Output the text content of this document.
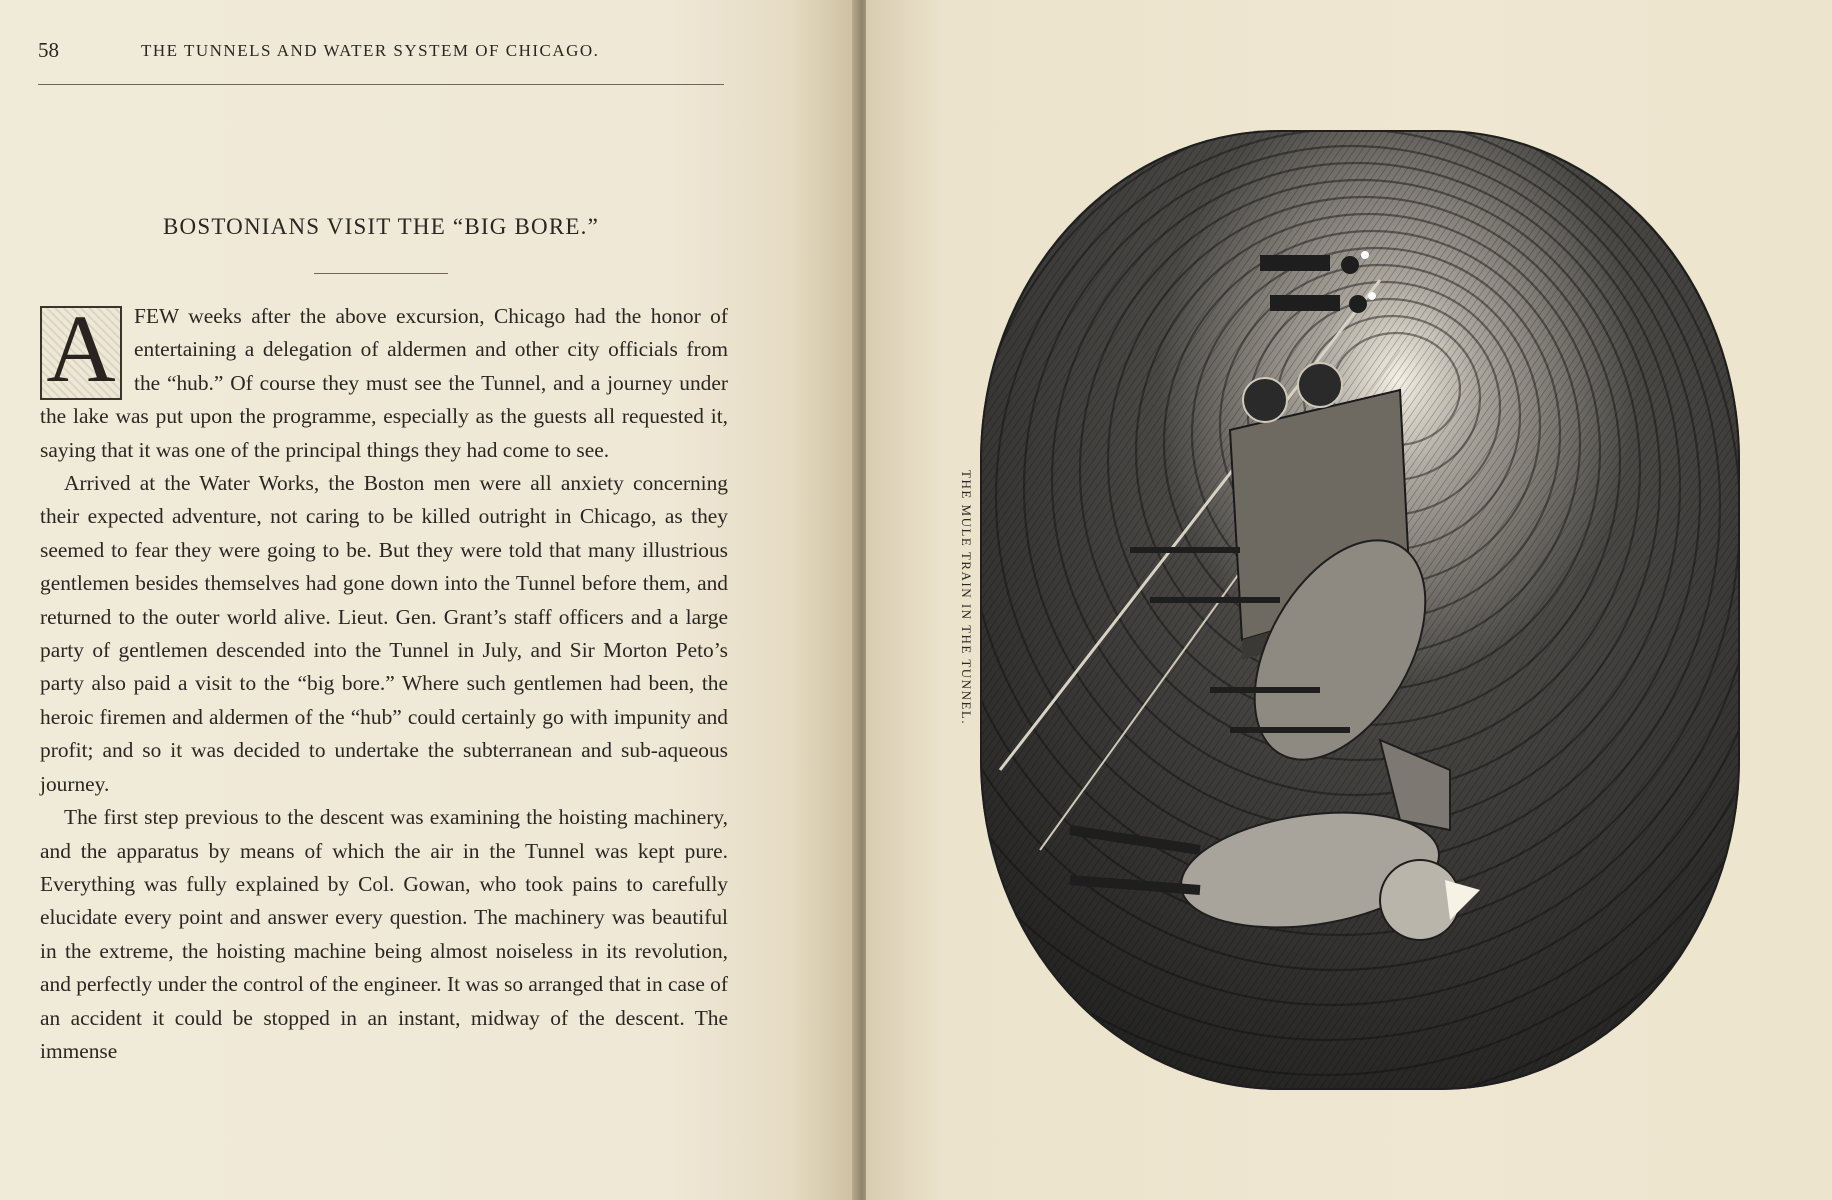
58	THE TUNNELS AND WATER SYSTEM OF CHICAGO.
BOSTONIANS VISIT THE “BIG BORE.”

A FEW weeks after the above excursion, Chicago had the honor of entertaining a delegation of aldermen and other city officials from the “hub.” Of course they must see the Tunnel, and a journey under the lake was put upon the programme, especially as the guests all requested it, saying that it was one of the principal things they had come to see.

Arrived at the Water Works, the Boston men were all anxiety concerning their expected adventure, not caring to be killed outright in Chicago, as they seemed to fear they were going to be. But they were told that many illustrious gentlemen besides themselves had gone down into the Tunnel before them, and returned to the outer world alive. Lieut. Gen. Grant’s staff officers and a large party of gentlemen descended into the Tunnel in July, and Sir Morton Peto’s party also paid a visit to the “big bore.” Where such gentlemen had been, the heroic firemen and aldermen of the “hub” could certainly go with impunity and profit; and so it was decided to undertake the subterranean and sub-aqueous journey.

The first step previous to the descent was examining the hoisting machinery, and the apparatus by means of which the air in the Tunnel was kept pure. Everything was fully explained by Col. Gowan, who took pains to carefully elucidate every point and answer every question. The machinery was beautiful in the extreme, the hoisting machine being almost noiseless in its revolution, and perfectly under the control of the engineer. It was so arranged that in case of an accident it could be stopped in an instant, midway of the descent. The immense

THE MULE TRAIN IN THE TUNNEL.
